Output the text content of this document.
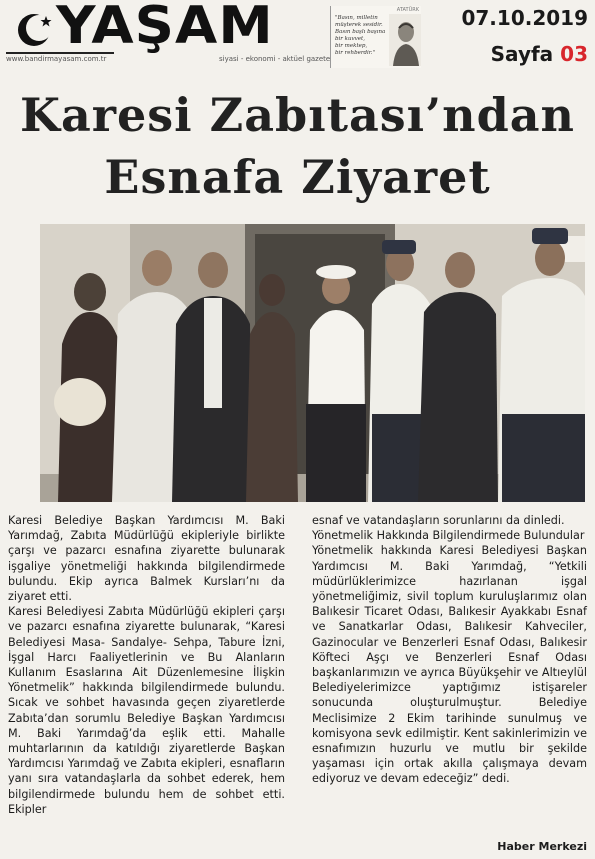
YAŞAM
www.bandirmayasam.com.tr	siyasi - ekonomi - aktüel gazete
ATATÜRK
"Basın, milletin
müşterek sesidir.
Basın başlı başına
bir kuvvet,
bir mektep,
bir rehberdir."
07.10.2019
Sayfa 03
Karesi Zabıtası’ndan
Esnafa Ziyaret
Karesi Belediye Başkan Yardımcısı M. Baki Yarımdağ, Zabıta Müdürlüğü ekipleriyle birlikte çarşı ve pazarcı esnafına ziyarette bulunarak işgaliye yönetmeliği hakkında bilgilendirmede bulundu. Ekip ayrıca Balmek Kursları’nı da ziyaret etti.
Karesi Belediyesi Zabıta Müdürlüğü ekipleri çarşı ve pazarcı esnafına ziyarette bulunarak, “Karesi Belediyesi Masa- Sandalye- Sehpa, Tabure İzni, İşgal Harcı Faaliyetlerinin ve Bu Alanların Kullanım Esaslarına Ait Düzenlemesine İlişkin Yönetmelik” hakkında bilgilendirmede bulundu. Sıcak ve sohbet havasında geçen ziyaretlerde Zabıta’dan sorumlu Belediye Başkan Yardımcısı M. Baki Yarımdağ’da eşlik etti. Mahalle muhtarlarının da katıldığı ziyaretlerde Başkan Yardımcısı Yarımdağ ve Zabıta ekipleri, esnafların yanı sıra vatandaşlarla da sohbet ederek, hem bilgilendirmede bulundu hem de sohbet etti. Ekipler
esnaf ve vatandaşların sorunlarını da dinledi.
Yönetmelik Hakkında Bilgilendirmede Bulundular
Yönetmelik hakkında Karesi Belediyesi Başkan Yardımcısı M. Baki Yarımdağ, “Yetkili müdürlüklerimizce hazırlanan işgal yönetmeliğimiz, sivil toplum kuruluşlarımız olan Balıkesir Ticaret Odası, Balıkesir Ayakkabı Esnaf ve Sanatkarlar Odası, Balıkesir Kahveciler, Gazinocular ve Benzerleri Esnaf Odası, Balıkesir Köfteci Aşçı ve Benzerleri Esnaf Odası başkanlarımızın ve ayrıca Büyükşehir ve Altıeylül Belediyelerimizce yaptığımız istişareler sonucunda oluşturulmuştur. Belediye Meclisimize 2 Ekim tarihinde sunulmuş ve komisyona sevk edilmiştir. Kent sakinlerimizin ve esnafımızın huzurlu ve mutlu bir şekilde yaşaması için ortak akılla çalışmaya devam ediyoruz ve devam edeceğiz” dedi.
Haber Merkezi
